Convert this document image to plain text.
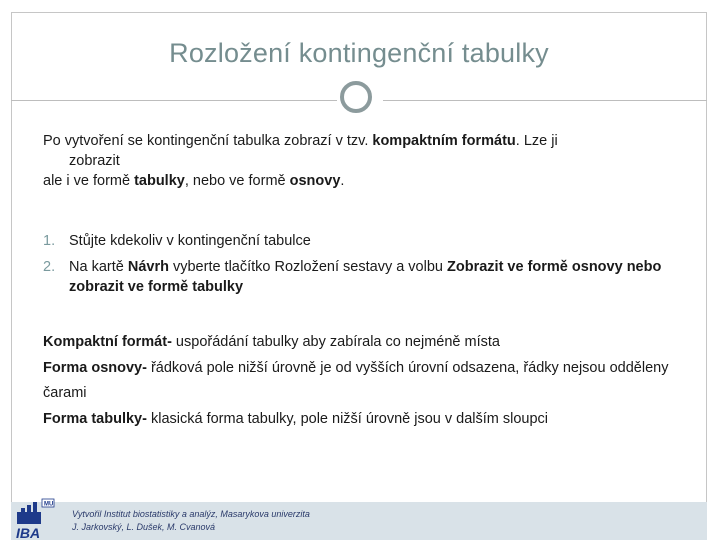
Rozložení kontingenční tabulky

Po vytvoření se kontingenční tabulka zobrazí v tzv. kompaktním formátu. Lze ji

zobrazit

ale i ve formě tabulky, nebo ve formě osnovy.

1. Stůjte kdekoliv v kontingenční tabulce
2. Na kartě Návrh vyberte tlačítko Rozložení sestavy a volbu Zobrazit ve formě osnovy nebo zobrazit ve formě tabulky

Kompaktní formát- uspořádání tabulky aby zabírala co nejméně místa

Forma osnovy- řádková pole nižší úrovně je od vyšších úrovní odsazena, řádky nejsou odděleny čarami

Forma tabulky- klasická forma tabulky, pole nižší úrovně jsou v dalším sloupci

MU
IBA
Vytvořil Institut biostatistiky a analýz, Masarykova univerzita
J. Jarkovský, L. Dušek, M. Cvanová
